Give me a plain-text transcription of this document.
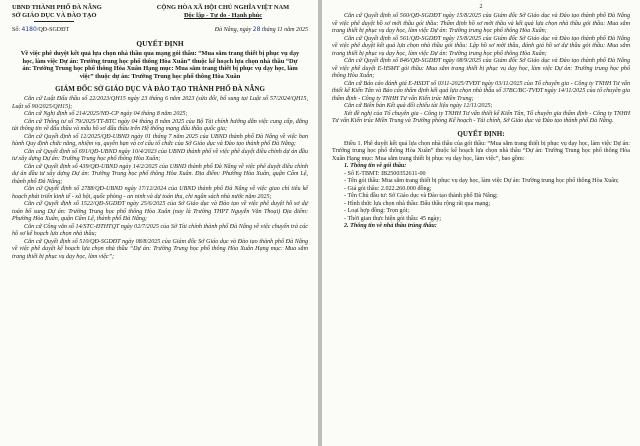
UBND THÀNH PHỐ ĐÀ NẴNG
SỞ GIÁO DỤC VÀ ĐÀO TẠO
CỘNG HÒA XÃ HỘI CHỦ NGHĨA VIỆT NAM
Độc lập - Tự do - Hạnh phúc
Số: 4180/QĐ-SGDĐT	Đà Nẵng, ngày 28 tháng 11 năm 2025
QUYẾT ĐỊNH
Về việc phê duyệt kết quả lựa chọn nhà thầu qua mạng gói thầu: “Mua sắm trang thiết bị phục vụ dạy học, làm việc Dự án: Trường trung học phổ thông Hòa Xuân” thuộc kế hoạch lựa chọn nhà thầu “Dự án: Trường Trung học phổ thông Hòa Xuân Hạng mục: Mua sắm trang thiết bị phục vụ dạy học, làm việc” thuộc dự án: Trường Trung học phổ thông Hòa Xuân
GIÁM ĐỐC SỞ GIÁO DỤC VÀ ĐÀO TẠO THÀNH PHỐ ĐÀ NẴNG

Căn cứ Luật Đấu thầu số 22/2023/QH15 ngày 23 tháng 6 năm 2023 (sửa đổi, bổ sung tại Luật số 57/2024/QH15, Luật số 90/2025/QH15);

Căn cứ Nghị định số 214/2025/NĐ-CP ngày 04 tháng 8 năm 2025;

Căn cứ Thông tư số 79/2025/TT-BTC ngày 04 tháng 8 năm 2025 của Bộ Tài chính hướng dẫn việc cung cấp, đăng tải thông tin về đấu thầu và mẫu hồ sơ đấu thầu trên Hệ thống mạng đấu thầu quốc gia;

Căn cứ Quyết định số 12/2025/QĐ-UBND ngày 01 tháng 7 năm 2025 của UBND thành phố Đà Nẵng về việc ban hành Quy định chức năng, nhiệm vụ, quyền hạn và cơ cấu tổ chức của Sở Giáo dục và Đào tạo thành phố Đà Nẵng;

Căn cứ Quyết định số 691/QĐ-UBND ngày 10/4/2023 của UBND thành phố về việc phê duyệt điều chỉnh dự án đầu tư xây dựng Dự án: Trường Trung học phổ thông Hòa Xuân;

Căn cứ Quyết định số 439/QĐ-UBND ngày 14/2/2025 của UBND thành phố Đà Nẵng về việc phê duyệt điều chỉnh dự án đầu tư xây dựng Dự án: Trường Trung học phổ thông Hòa Xuân. Địa điểm: Phường Hòa Xuân, quận Cẩm Lệ, thành phố Đà Nẵng;

Căn cứ Quyết định số 2788/QĐ-UBND ngày 17/12/2024 của UBND thành phố Đà Nẵng về việc giao chỉ tiêu kế hoạch phát triển kinh tế - xã hội, quốc phòng - an ninh và dự toán thu, chi ngân sách nhà nước năm 2025;

Căn cứ Quyết định số 1522/QĐ-SGDĐT ngày 25/6/2025 của Sở Giáo dục và Đào tạo về việc phê duyệt hồ sơ dự toán bổ sung Dự án: Trường Trung học phổ thông Hòa Xuân (nay là Trường THPT Nguyễn Văn Thoại) Địa điểm: Phường Hòa Xuân, quận Cẩm Lệ, thành phố Đà Nẵng;

Căn cứ Công văn số 14/STC-ĐTHTQT ngày 02/7/2025 của Sở Tài chính thành phố Đà Nẵng về việc chuyển trả các hồ sơ kế hoạch lựa chọn nhà thầu;

Căn cứ Quyết định số 510/QĐ-SGDĐT ngày 08/8/2025 của Giám đốc Sở Giáo dục và Đào tạo thành phố Đà Nẵng về việc phê duyệt kế hoạch lựa chọn nhà thầu “Dự án: Trường Trung học phổ thông Hòa Xuân Hạng mục: Mua sắm trang thiết bị phục vụ dạy học, làm việc”;

2

Căn cứ Quyết định số 560/QĐ-SGDĐT ngày 15/8/2025 của Giám đốc Sở Giáo dục và Đào tạo thành phố Đà Nẵng về việc phê duyệt hồ sơ mời thầu gói thầu: Thẩm định hồ sơ mời thầu và kết quả lựa chọn nhà thầu gói thầu: Mua sắm trang thiết bị phục vụ dạy học, làm việc Dự án: Trường trung học phổ thông Hòa Xuân;

Căn cứ Quyết định số 561/QĐ-SGDĐT ngày 15/8/2025 của Giám đốc Sở Giáo dục và Đào tạo thành phố Đà Nẵng về việc phê duyệt kết quả lựa chọn nhà thầu gói thầu: Lập hồ sơ mời thầu, đánh giá hồ sơ dự thầu gói thầu: Mua sắm trang thiết bị phục vụ dạy học, làm việc Dự án: Trường trung học phổ thông Hòa Xuân;

Căn cứ Quyết định số 846/QĐ-SGDĐT ngày 08/9/2025 của Giám đốc Sở Giáo dục và Đào tạo thành phố Đà Nẵng về việc phê duyệt E-HSMT gói thầu: Mua sắm trang thiết bị phục vụ dạy học, làm việc Dự án: Trường trung học phổ thông Hòa Xuân;

Căn cứ Báo cáo đánh giá E-HSDT số 0311-2025/TVĐT ngày 03/11/2025 của Tổ chuyên gia - Công ty TNHH Tư vấn thiết kế Kiến Tân và Báo cáo thẩm định kết quả lựa chọn nhà thầu số 37BC/BC-TVĐT ngày 14/11/2025 của tổ chuyên gia thẩm định - Công ty TNHH Tư vấn Kiến trúc Miền Trung;

Căn cứ Biên bản Kết quả đối chiếu tài liệu ngày 12/11/2025;

Xét đề nghị của Tổ chuyên gia - Công ty TNHH Tư vấn thiết kế Kiến Tân, Tổ chuyên gia thẩm định - Công ty TNHH Tư vấn Kiến trúc Miền Trung và Trưởng phòng Kế hoạch - Tài chính, Sở Giáo dục và Đào tạo thành phố Đà Nẵng.

QUYẾT ĐỊNH:

Điều 1. Phê duyệt kết quả lựa chọn nhà thầu của gói thầu: “Mua sắm trang thiết bị phục vụ dạy học, làm việc Dự án: Trường trung học phổ thông Hòa Xuân” thuộc kế hoạch lựa chọn nhà thầu “Dự án: Trường Trung học phổ thông Hòa Xuân Hạng mục: Mua sắm trang thiết bị phục vụ dạy học, làm việc”, bao gồm:

1. Thông tin về gói thầu:

- Số E-TBMT: IB2500352611-00

- Tên gói thầu: Mua sắm trang thiết bị phục vụ dạy học, làm việc Dự án: Trường trung học phổ thông Hòa Xuân;

- Giá gói thầu: 2.022.260.000 đồng;

- Tên Chủ đầu tư: Sở Giáo dục và Đào tạo thành phố Đà Nẵng;

- Hình thức lựa chọn nhà thầu: Đấu thầu rộng rãi qua mạng;

- Loại hợp đồng: Trọn gói;

- Thời gian thực hiện gói thầu: 45 ngày;

2. Thông tin về nhà thầu trúng thầu:
